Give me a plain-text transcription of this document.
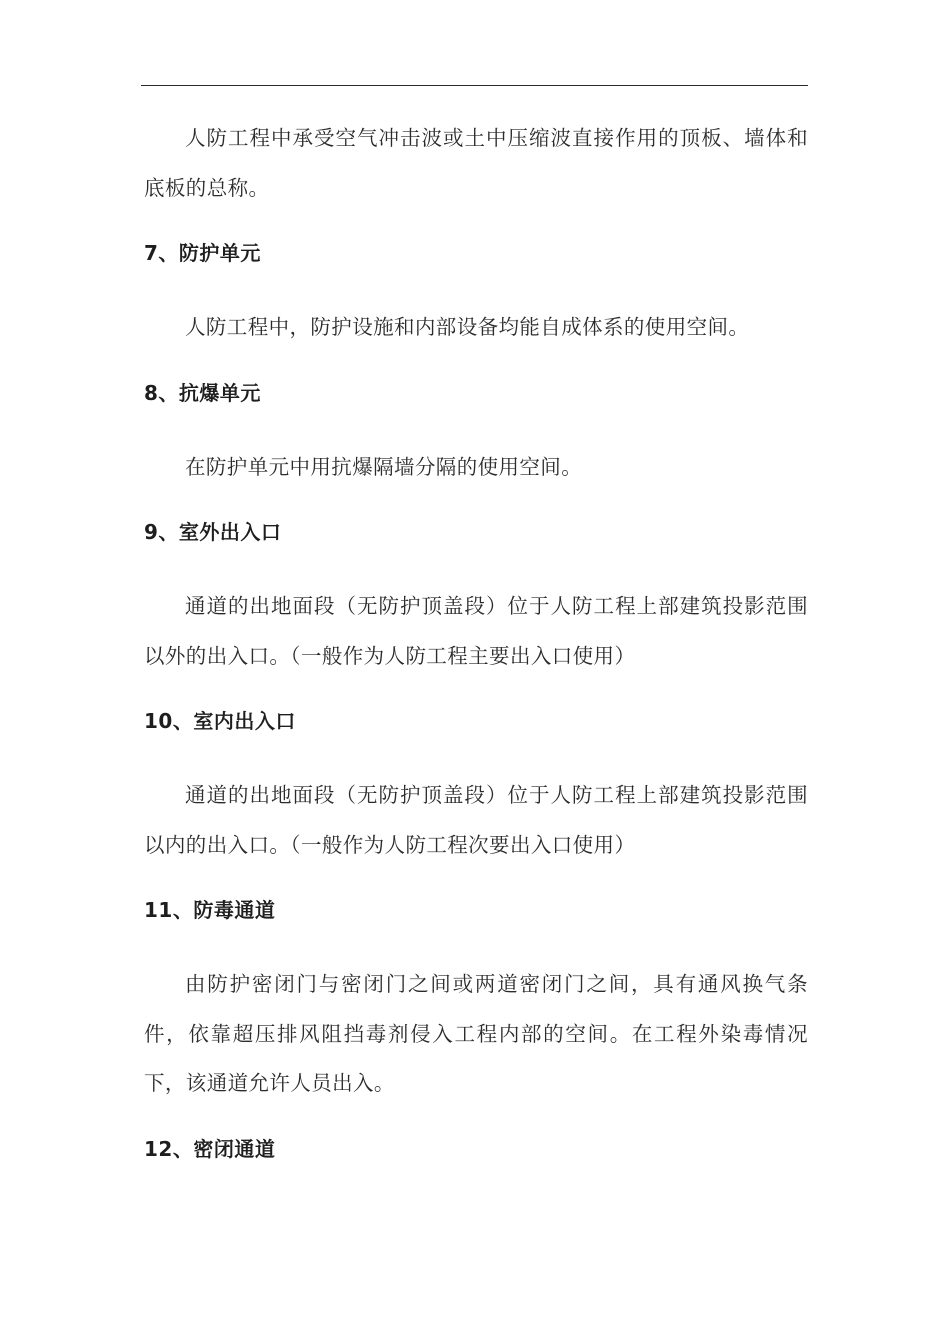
人防工程中承受空气冲击波或土中压缩波直接作用的顶板、墙体和底板的总称。

7、防护单元

人防工程中，防护设施和内部设备均能自成体系的使用空间。

8、抗爆单元

在防护单元中用抗爆隔墙分隔的使用空间。

9、室外出入口

通道的出地面段（无防护顶盖段）位于人防工程上部建筑投影范围以外的出入口。（一般作为人防工程主要出入口使用）

10、室内出入口

通道的出地面段（无防护顶盖段）位于人防工程上部建筑投影范围以内的出入口。（一般作为人防工程次要出入口使用）

11、防毒通道

由防护密闭门与密闭门之间或两道密闭门之间，具有通风换气条件，依靠超压排风阻挡毒剂侵入工程内部的空间。在工程外染毒情况下，该通道允许人员出入。

12、密闭通道
